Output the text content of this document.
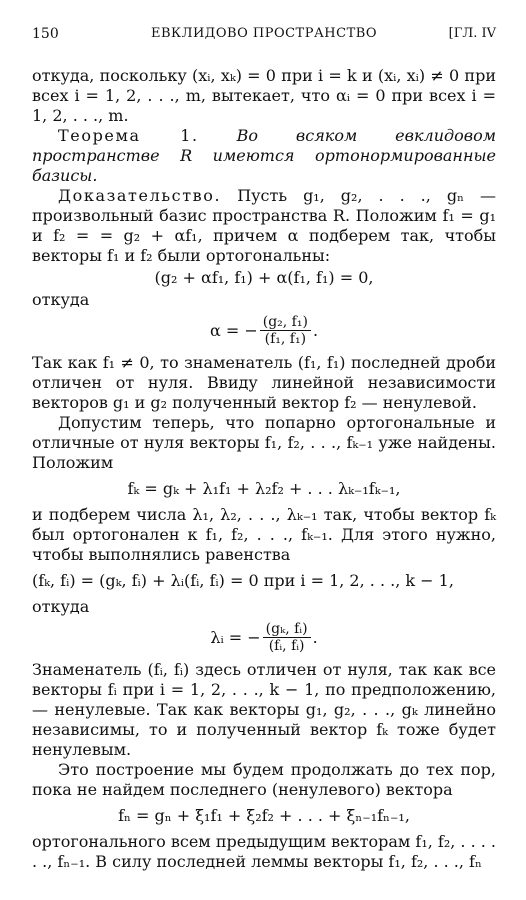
150	ЕВКЛИДОВО ПРОСТРАНСТВО	[ГЛ. IV

откуда, поскольку (xᵢ, xₖ) = 0 при i = k и (xᵢ, xᵢ) ≠ 0 при всех i = 1, 2, . . ., m, вытекает, что αᵢ = 0 при всех i = 1, 2, . . ., m.

Теорема 1. Во всяком евклидовом пространстве R имеются ортонормированные базисы.

Доказательство. Пусть g₁, g₂, . . ., gₙ — произвольный базис пространства R. Положим f₁ = g₁ и f₂ = = g₂ + αf₁, причем α подберем так, чтобы векторы f₁ и f₂ были ортогональны:

(g₂ + αf₁, f₁) + α(f₁, f₁) = 0,

откуда

α = − $\frac{\text{(g₂, f₁)}}{\text{(f₁, f₁)}}$ .

Так как f₁ ≠ 0, то знаменатель (f₁, f₁) последней дроби отличен от нуля. Ввиду линейной независимости векторов g₁ и g₂ полученный вектор f₂ — ненулевой.

Допустим теперь, что попарно ортогональные и отличные от нуля векторы f₁, f₂, . . ., fₖ₋₁ уже найдены. Положим

fₖ = gₖ + λ₁f₁ + λ₂f₂ + . . . λₖ₋₁fₖ₋₁,

и подберем числа λ₁, λ₂, . . ., λₖ₋₁ так, чтобы вектор fₖ был ортогонален к f₁, f₂, . . ., fₖ₋₁. Для этого нужно, чтобы выполнялись равенства

(fₖ, fᵢ) = (gₖ, fᵢ) + λᵢ(fᵢ, fᵢ) = 0 при i = 1, 2, . . ., k − 1,

откуда

λᵢ = − $\frac{\text{(gₖ, fᵢ)}}{\text{(fᵢ, fᵢ)}}$ .

Знаменатель (fᵢ, fᵢ) здесь отличен от нуля, так как все векторы fᵢ при i = 1, 2, . . ., k − 1, по предположению, — ненулевые. Так как векторы g₁, g₂, . . ., gₖ линейно независимы, то и полученный вектор fₖ тоже будет ненулевым.

Это построение мы будем продолжать до тех пор, пока не найдем последнего (ненулевого) вектора

fₙ = gₙ + ξ₁f₁ + ξ₂f₂ + . . . + ξₙ₋₁fₙ₋₁,

ортогонального всем предыдущим векторам f₁, f₂, . . . . . ., fₙ₋₁. В силу последней леммы векторы f₁, f₂, . . ., fₙ
